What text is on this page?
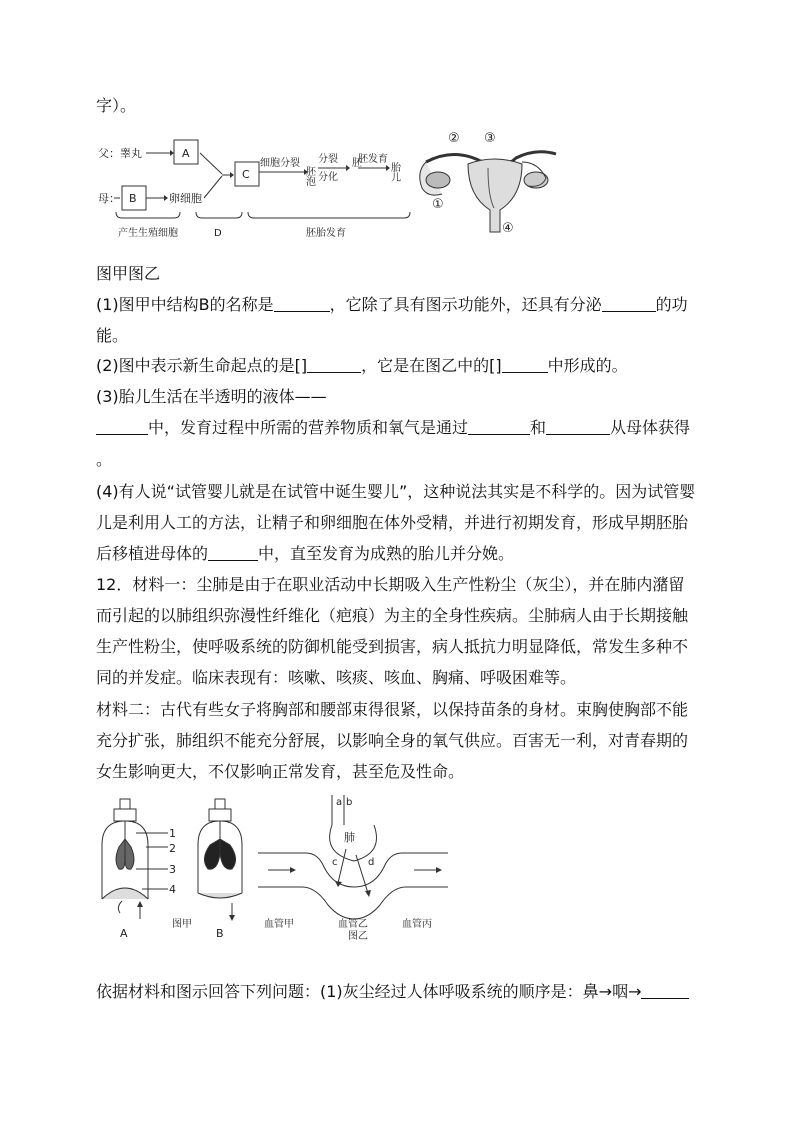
字）。
父： 睾丸	A
母： B	卵细胞
C
细胞分裂
胚泡
分裂
分化
胚
胚发育
胎儿
产生生殖细胞	D	胚胎发育
② ③
①
④
图甲图乙
(1)图甲中结构B的名称是	，它除了具有图示功能外，还具有分泌	的功
能。
(2)图中表示新生命起点的是[]	，它是在图乙中的[]	中形成的。
(3)胎儿生活在半透明的液体——
中，发育过程中所需的营养物质和氧气是通过	和	从母体获得
。
(4)有人说“试管婴儿就是在试管中诞生婴儿”，这种说法其实是不科学的。因为试管婴
儿是利用人工的方法，让精子和卵细胞在体外受精，并进行初期发育，形成早期胚胎
后移植进母体的	中，直至发育为成熟的胎儿并分娩。
12．材料一：尘肺是由于在职业活动中长期吸入生产性粉尘（灰尘），并在肺内潴留
而引起的以肺组织弥漫性纤维化（疤痕）为主的全身性疾病。尘肺病人由于长期接触
生产性粉尘，使呼吸系统的防御机能受到损害，病人抵抗力明显降低，常发生多种不
同的并发症。临床表现有：咳嗽、咳痰、咳血、胸痛、呼吸困难等。
材料二：古代有些女子将胸部和腰部束得很紧，以保持苗条的身材。束胸使胸部不能
充分扩张，肺组织不能充分舒展，以影响全身的氧气供应。百害无一利，对青春期的
女生影响更大，不仅影响正常发育，甚至危及性命。
1
2
3
4
A
图甲
B
a b
肺
c	d
血管甲	血管乙	血管丙
图乙
依据材料和图示回答下列问题：(1)灰尘经过人体呼吸系统的顺序是：鼻→咽→
